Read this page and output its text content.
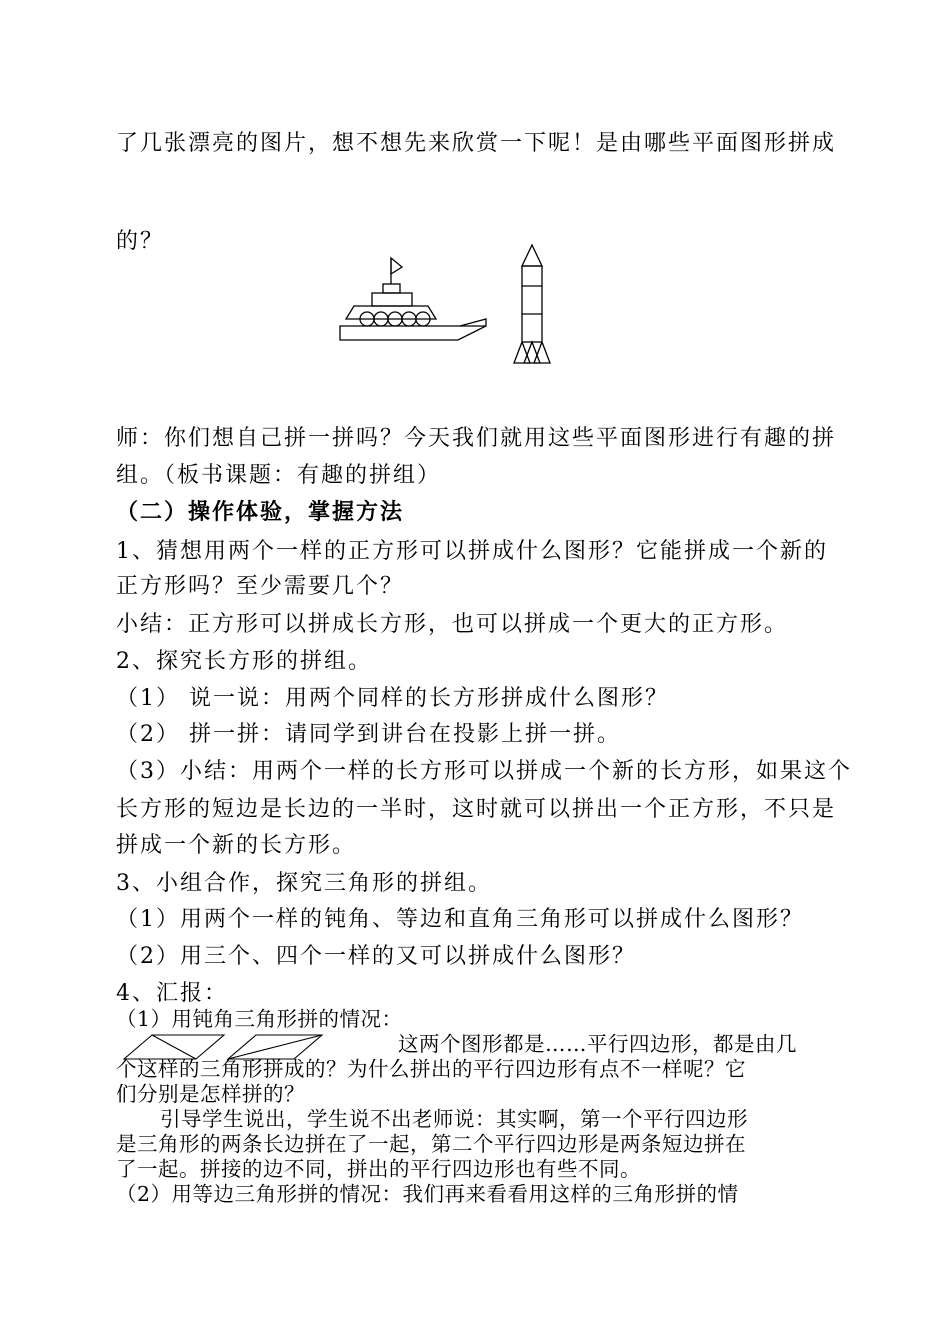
了几张漂亮的图片，想不想先来欣赏一下呢！是由哪些平面图形拼成
的？
师：你们想自己拼一拼吗？今天我们就用这些平面图形进行有趣的拼
组。（板书课题：有趣的拼组）
（二）操作体验，掌握方法
1、猜想用两个一样的正方形可以拼成什么图形？它能拼成一个新的
正方形吗？至少需要几个？
小结：正方形可以拼成长方形，也可以拼成一个更大的正方形。
2、探究长方形的拼组。
（1） 说一说：用两个同样的长方形拼成什么图形？
（2） 拼一拼：请同学到讲台在投影上拼一拼。
（3）小结：用两个一样的长方形可以拼成一个新的长方形，如果这个
长方形的短边是长边的一半时，这时就可以拼出一个正方形，不只是
拼成一个新的长方形。
3、小组合作，探究三角形的拼组。
（1）用两个一样的钝角、等边和直角三角形可以拼成什么图形？
（2）用三个、四个一样的又可以拼成什么图形？
4、汇报：
（1）用钝角三角形拼的情况：
这两个图形都是……平行四边形，都是由几
个这样的三角形拼成的？为什么拼出的平行四边形有点不一样呢？它
们分别是怎样拼的？
引导学生说出，学生说不出老师说：其实啊，第一个平行四边形
是三角形的两条长边拼在了一起，第二个平行四边形是两条短边拼在
了一起。拼接的边不同，拼出的平行四边形也有些不同。
（2）用等边三角形拼的情况：我们再来看看用这样的三角形拼的情
